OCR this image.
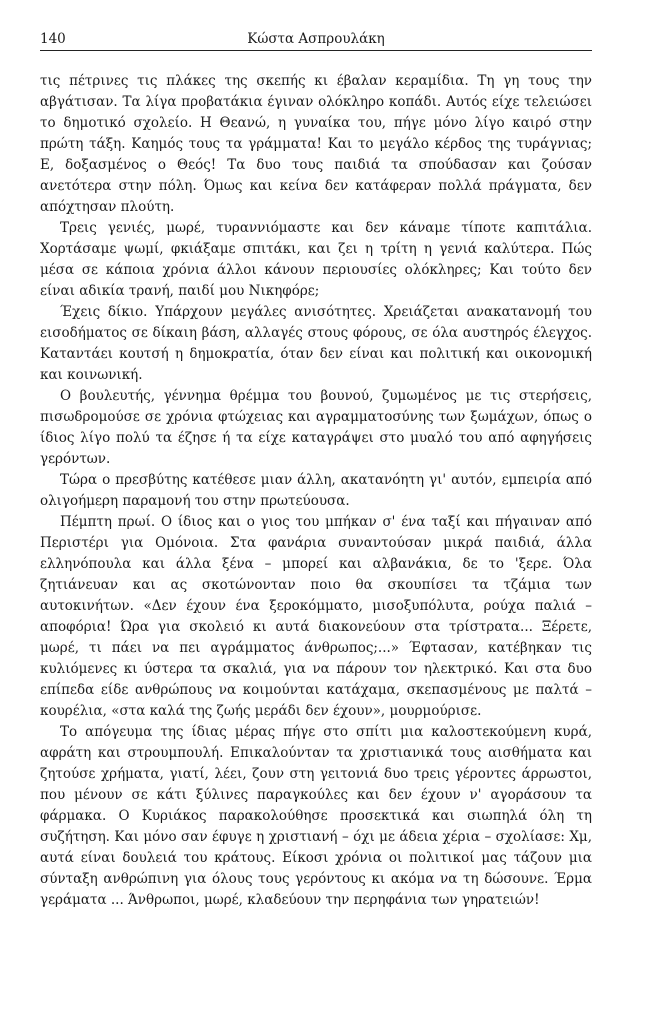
140	Κώστα Ασπρουλάκη

τις πέτρινες τις πλάκες της σκεπής κι έβαλαν κεραμίδια. Τη γη τους την αβγάτισαν. Τα λίγα προβατάκια έγιναν ολόκληρο κοπάδι. Αυτός είχε τελειώσει το δημοτικό σχολείο. Η Θεανώ, η γυναίκα του, πήγε μόνο λίγο καιρό στην πρώτη τάξη. Καημός τους τα γράμματα! Και το μεγάλο κέρδος της τυράγνιας; Ε, δοξασμένος ο Θεός! Τα δυο τους παιδιά τα σπούδασαν και ζούσαν ανετότερα στην πόλη. Όμως και κείνα δεν κατάφεραν πολλά πράγματα, δεν απόχτησαν πλούτη.

Τρεις γενιές, μωρέ, τυραννιόμαστε και δεν κάναμε τίποτε καπιτάλια. Χορτάσαμε ψωμί, φκιάξαμε σπιτάκι, και ζει η τρίτη η γενιά καλύτερα. Πώς μέσα σε κάποια χρόνια άλλοι κάνουν περιουσίες ολόκληρες; Και τούτο δεν είναι αδικία τρανή, παιδί μου Νικηφόρε;

Έχεις δίκιο. Υπάρχουν μεγάλες ανισότητες. Χρειάζεται ανακατανομή του εισοδήματος σε δίκαιη βάση, αλλαγές στους φόρους, σε όλα αυστηρός έλεγχος. Καταντάει κουτσή η δημοκρατία, όταν δεν είναι και πολιτική και οικονομική και κοινωνική.

Ο βουλευτής, γέννημα θρέμμα του βουνού, ζυμωμένος με τις στερήσεις, πισωδρομούσε σε χρόνια φτώχειας και αγραμματοσύνης των ξωμάχων, όπως ο ίδιος λίγο πολύ τα έζησε ή τα είχε καταγράψει στο μυαλό του από αφηγήσεις γερόντων.

Τώρα ο πρεσβύτης κατέθεσε μιαν άλλη, ακατανόητη γι' αυτόν, εμπειρία από ολιγοήμερη παραμονή του στην πρωτεύουσα.

Πέμπτη πρωί. Ο ίδιος και ο γιος του μπήκαν σ' ένα ταξί και πήγαιναν από Περιστέρι για Ομόνοια. Στα φανάρια συναντούσαν μικρά παιδιά, άλλα ελληνόπουλα και άλλα ξένα – μπορεί και αλβανάκια, δε το 'ξερε. Όλα ζητιάνευαν και ας σκοτώνονταν ποιο θα σκουπίσει τα τζάμια των αυτοκινήτων. «Δεν έχουν ένα ξεροκόμματο, μισοξυπόλυτα, ρούχα παλιά – αποφόρια! Ώρα για σκολειό κι αυτά διακονεύουν στα τρίστρατα... Ξέρετε, μωρέ, τι πάει να πει αγράμματος άνθρωπος;...» Έφτασαν, κατέβηκαν τις κυλιόμενες κι ύστερα τα σκαλιά, για να πάρουν τον ηλεκτρικό. Και στα δυο επίπεδα είδε ανθρώπους να κοιμούνται κατάχαμα, σκεπασμένους με παλτά – κουρέλια, «στα καλά της ζωής μεράδι δεν έχουν», μουρμούρισε.

Το απόγευμα της ίδιας μέρας πήγε στο σπίτι μια καλοστεκούμενη κυρά, αφράτη και στρουμπουλή. Επικαλούνταν τα χριστιανικά τους αισθήματα και ζητούσε χρήματα, γιατί, λέει, ζουν στη γειτονιά δυο τρεις γέροντες άρρωστοι, που μένουν σε κάτι ξύλινες παραγκούλες και δεν έχουν ν' αγοράσουν τα φάρμακα. Ο Κυριάκος παρακολούθησε προσεκτικά και σιωπηλά όλη τη συζήτηση. Και μόνο σαν έφυγε η χριστιανή – όχι με άδεια χέρια – σχολίασε: Χμ, αυτά είναι δουλειά του κράτους. Είκοσι χρόνια οι πολιτικοί μας τάζουν μια σύνταξη ανθρώπινη για όλους τους γερόντους κι ακόμα να τη δώσουνε. Έρμα γεράματα ... Άνθρωποι, μωρέ, κλαδεύουν την περηφάνια των γηρατειών!
